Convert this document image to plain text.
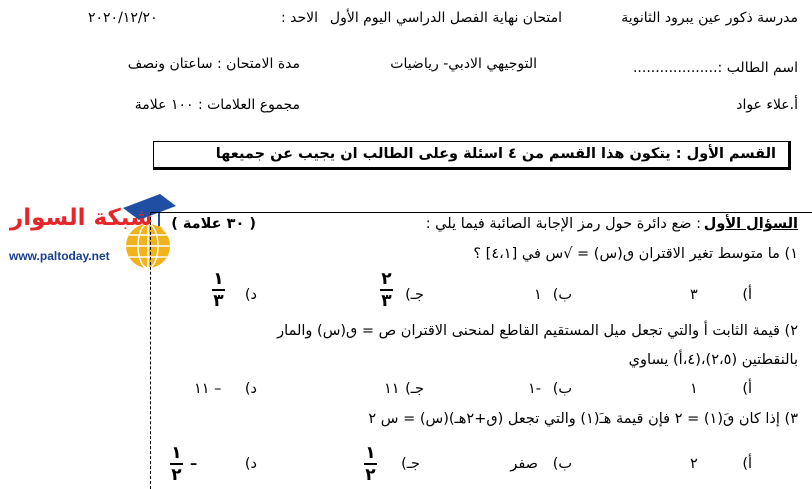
مدرسة ذكور عين يبرود الثانوية
امتحان نهاية الفصل الدراسي اليوم الأول
الاحد :
٢٠٢٠/١٢/٢٠
اسم الطالب :...................
التوجيهي الادبي- رياضيات
مدة الامتحان : ساعتان ونصف
أ.علاء عواد
مجموع العلامات : ١٠٠ علامة
القسم الأول : يتكون هذا القسم من ٤ اسئلة وعلى الطالب ان يجيب عن جميعها
شبكة السوار
www.paltoday.net
السؤال الأول
: ضع دائرة حول رمز الإجابة الصائبة فيما يلي :
( ٣٠ علامة )
١) ما متوسط تغير الاقتران ٯ(س) = √س في [٤،١] ؟
أ)
٣
ب)
١
جـ)
٢
٣
د)
١
٣
٢) قيمة الثابت أ والتي تجعل ميل المستقيم القاطع لمنحنى الاقتران ص = ٯ(س) والمار
بالنقطتين (٢،٥)،(٤،أ) يساوي
أ)
١
ب)
١-
جـ)
١١
د)
١١ –
٣) إذا كان ٯَ(١) = ٢ فإن قيمة هـَ(١) والتي تجعل (ٯ+٢هـ)(س) = س ٢
أ)
٢
ب)
صفر
جـ)
١
٢
د)
–
١
٢
